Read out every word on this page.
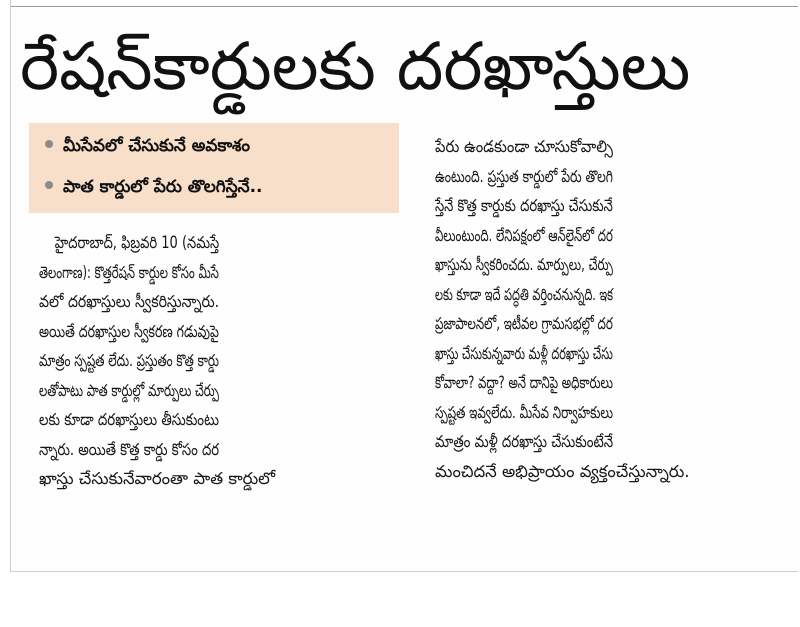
రేషన్‌కార్డులకు దరఖాస్తులు
మీసేవలో చేసుకునే అవకాశం
పాత కార్డులో పేరు తొలగిస్తేనే..
హైదరాబాద్‌, ఫిబ్రవరి 10 (నమస్తే
తెలంగాణ): కొత్తరేషన్‌ కార్డుల కోసం మీసే
వలో దరఖాస్తులు స్వీకరిస్తున్నారు.
అయితే దరఖాస్తుల స్వీకరణ గడువుపై
మాత్రం స్పష్టత లేదు. ప్రస్తుతం కొత్త కార్డు
లతోపాటు పాత కార్డుల్లో మార్పులు చేర్పు
లకు కూడా దరఖాస్తులు తీసుకుంటు
న్నారు. అయితే కొత్త కార్డు కోసం దర
ఖాస్తు చేసుకునేవారంతా పాత కార్డులో
పేరు ఉండకుండా చూసుకోవాల్సి
ఉంటుంది. ప్రస్తుత కార్డులో పేరు తొలగి
స్తేనే కొత్త కార్డుకు దరఖాస్తు చేసుకునే
వీలుంటుంది. లేనిపక్షంలో ఆన్‌లైన్‌లో దర
ఖాస్తును స్వీకరించదు. మార్పులు, చేర్పు
లకు కూడా ఇదే పద్ధతి వర్తించనున్నది. ఇక
ప్రజాపాలనలో, ఇటీవల గ్రామసభల్లో దర
ఖాస్తు చేసుకున్నవారు మళ్లీ దరఖాస్తు చేసు
కోవాలా? వద్దా? అనే దానిపై అధికారులు
స్పష్టత ఇవ్వలేదు. మీసేవ నిర్వాహకులు
మాత్రం మళ్లీ దరఖాస్తు చేసుకుంటేనే
మంచిదనే అభిప్రాయం వ్యక్తంచేస్తున్నారు.
